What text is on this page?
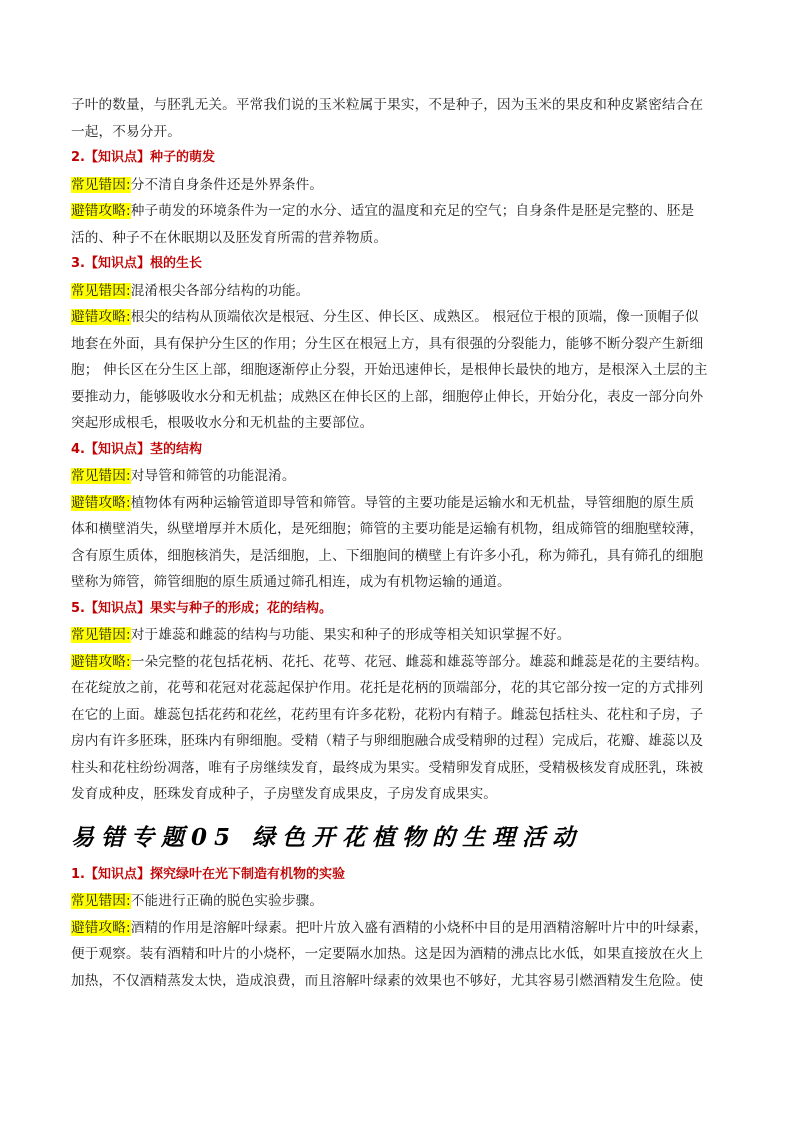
子叶的数量，与胚乳无关。平常我们说的玉米粒属于果实，不是种子，因为玉米的果皮和种皮紧密结合在
一起，不易分开。
2.【知识点】种子的萌发
常见错因:分不清自身条件还是外界条件。
避错攻略:种子萌发的环境条件为一定的水分、适宜的温度和充足的空气；自身条件是胚是完整的、胚是
活的、种子不在休眠期以及胚发育所需的营养物质。
3.【知识点】根的生长
常见错因:混淆根尖各部分结构的功能。
避错攻略:根尖的结构从顶端依次是根冠、分生区、伸长区、成熟区。 根冠位于根的顶端，像一顶帽子似
地套在外面，具有保护分生区的作用；分生区在根冠上方，具有很强的分裂能力，能够不断分裂产生新细
胞； 伸长区在分生区上部，细胞逐渐停止分裂，开始迅速伸长，是根伸长最快的地方，是根深入土层的主
要推动力，能够吸收水分和无机盐；成熟区在伸长区的上部，细胞停止伸长，开始分化，表皮一部分向外
突起形成根毛，根吸收水分和无机盐的主要部位。
4.【知识点】茎的结构
常见错因:对导管和筛管的功能混淆。
避错攻略:植物体有两种运输管道即导管和筛管。导管的主要功能是运输水和无机盐，导管细胞的原生质
体和横壁消失，纵壁增厚并木质化，是死细胞；筛管的主要功能是运输有机物，组成筛管的细胞壁较薄，
含有原生质体，细胞核消失，是活细胞，上、下细胞间的横壁上有许多小孔，称为筛孔，具有筛孔的细胞
壁称为筛管，筛管细胞的原生质通过筛孔相连，成为有机物运输的通道。
5.【知识点】果实与种子的形成；花的结构。
常见错因:对于雄蕊和雌蕊的结构与功能、果实和种子的形成等相关知识掌握不好。
避错攻略:一朵完整的花包括花柄、花托、花萼、花冠、雌蕊和雄蕊等部分。雄蕊和雌蕊是花的主要结构。
在花绽放之前，花萼和花冠对花蕊起保护作用。花托是花柄的顶端部分，花的其它部分按一定的方式排列
在它的上面。雄蕊包括花药和花丝，花药里有许多花粉，花粉内有精子。雌蕊包括柱头、花柱和子房，子
房内有许多胚珠，胚珠内有卵细胞。受精（精子与卵细胞融合成受精卵的过程）完成后，花瓣、雄蕊以及
柱头和花柱纷纷凋落，唯有子房继续发育，最终成为果实。受精卵发育成胚，受精极核发育成胚乳，珠被
发育成种皮，胚珠发育成种子，子房壁发育成果皮，子房发育成果实。
易错专题05 绿色开花植物的生理活动
1.【知识点】探究绿叶在光下制造有机物的实验
常见错因:不能进行正确的脱色实验步骤。
避错攻略:酒精的作用是溶解叶绿素。把叶片放入盛有酒精的小烧杯中目的是用酒精溶解叶片中的叶绿素，
便于观察。装有酒精和叶片的小烧杯，一定要隔水加热。这是因为酒精的沸点比水低，如果直接放在火上
加热，不仅酒精蒸发太快，造成浪费，而且溶解叶绿素的效果也不够好，尤其容易引燃酒精发生危险。使
